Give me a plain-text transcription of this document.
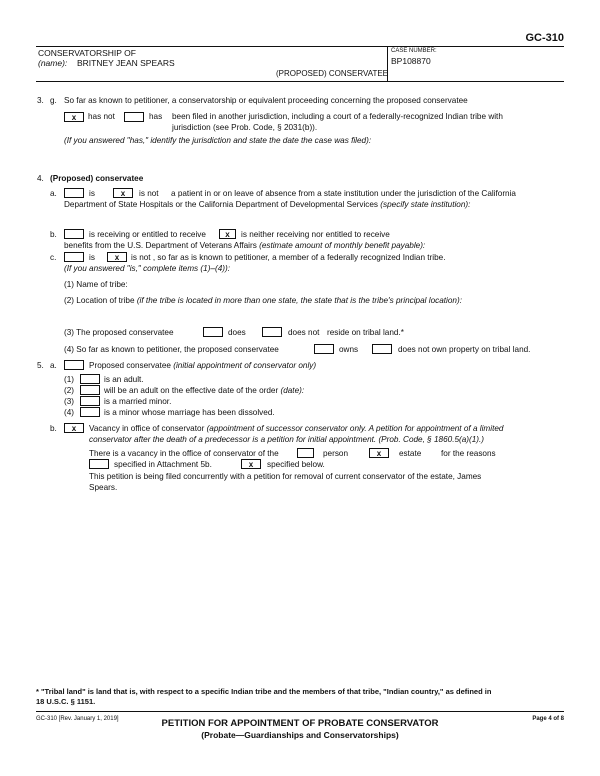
GC-310
CONSERVATORSHIP OF
(name): BRITNEY JEAN SPEARS
(PROPOSED) CONSERVATEE
CASE NUMBER:
BP108870
3. g. So far as known to petitioner, a conservatorship or equivalent proceeding concerning the proposed conservatee
x	has not	has been filed in another jurisdiction, including a court of a federally-recognized Indian tribe with
jurisdiction (see Prob. Code, § 2031(b)).
(If you answered "has," identify the jurisdiction and state the date the case was filed):
4. (Proposed) conservatee
a.	is	x	is not a patient in or on leave of absence from a state institution under the jurisdiction of the California
Department of State Hospitals or the California Department of Developmental Services (specify state institution):
b.	is receiving or entitled to receive	x	is neither receiving nor entitled to receive
benefits from the U.S. Department of Veterans Affairs (estimate amount of monthly benefit payable):
c.	is	x	is not , so far as is known to petitioner, a member of a federally recognized Indian tribe.
(If you answered "is," complete items (1)–(4)):
(1) Name of tribe:
(2) Location of tribe (if the tribe is located in more than one state, the state that is the tribe's principal location):
(3) The proposed conservatee	does	does not reside on tribal land.*
(4) So far as known to petitioner, the proposed conservatee	owns	does not own property on tribal land.
5. a.	Proposed conservatee (initial appointment of conservator only)
(1)	is an adult.
(2)	will be an adult on the effective date of the order (date):
(3)	is a married minor.
(4)	is a minor whose marriage has been dissolved.
b.	x	Vacancy in office of conservator (appointment of successor conservator only. A petition for appointment of a limited
conservator after the death of a predecessor is a petition for initial appointment. (Prob. Code, § 1860.5(a)(1).)
There is a vacancy in the office of conservator of the	person	x	estate for the reasons
specified in Attachment 5b.	x	specified below.
This petition is being filed concurrently with a petition for removal of current conservator of the estate, James
Spears.
* "Tribal land" is land that is, with respect to a specific Indian tribe and the members of that tribe, "Indian country," as defined in
18 U.S.C. § 1151.
GC-310 [Rev. January 1, 2019]	PETITION FOR APPOINTMENT OF PROBATE CONSERVATOR
(Probate—Guardianships and Conservatorships)
Page 4 of 8
